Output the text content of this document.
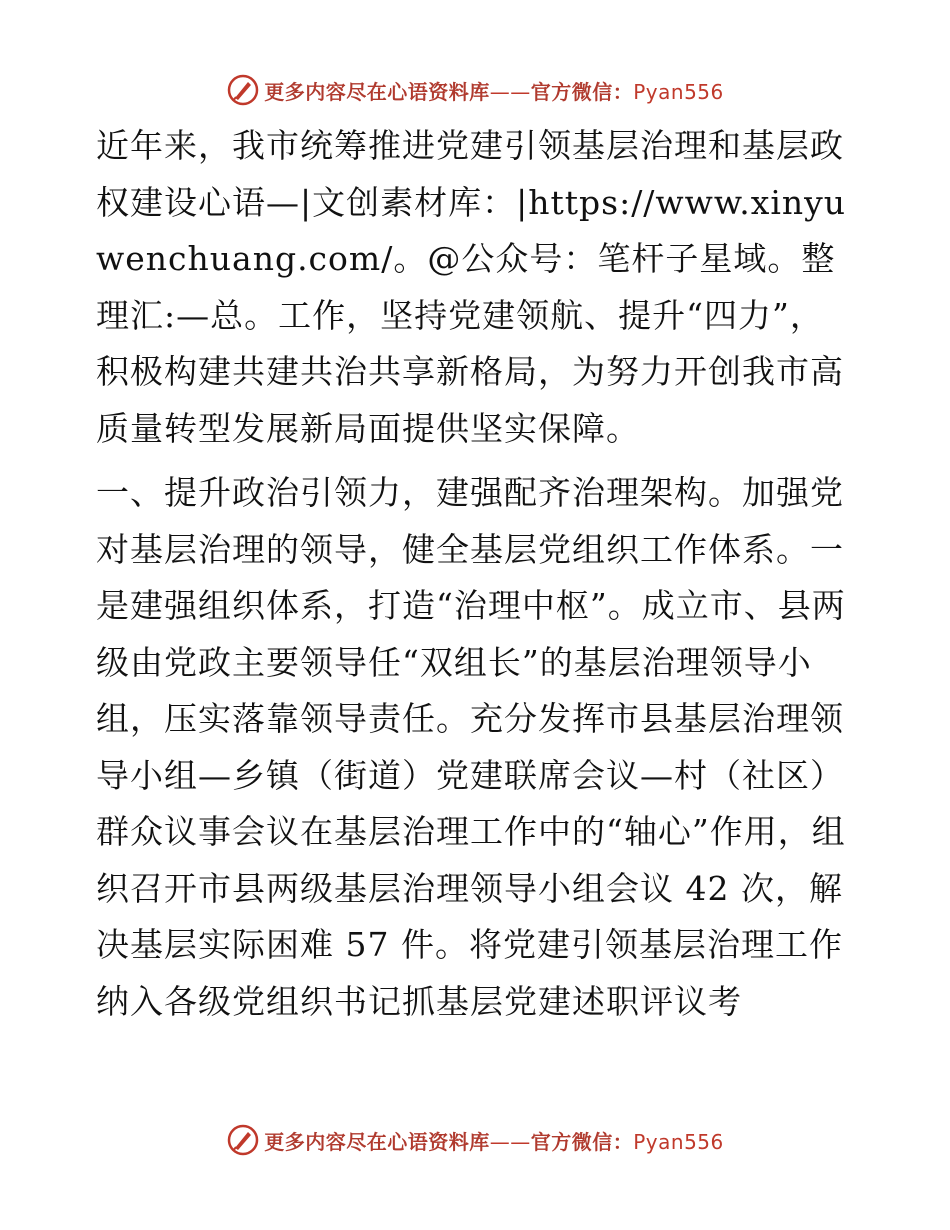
更多内容尽在心语资料库——官方微信：Pyan556

近年来，我市统筹推进党建引领基层治理和基层政权建设心语—|文创素材库：|https://www.xinyuwenchuang.com/。@公众号：笔杆子星域。整理汇:—总。工作，坚持党建领航、提升“四力”，积极构建共建共治共享新格局，为努力开创我市高质量转型发展新局面提供坚实保障。

一、提升政治引领力，建强配齐治理架构。加强党对基层治理的领导，健全基层党组织工作体系。一是建强组织体系，打造“治理中枢”。成立市、县两级由党政主要领导任“双组长”的基层治理领导小组，压实落靠领导责任。充分发挥市县基层治理领导小组—乡镇（街道）党建联席会议—村（社区）群众议事会议在基层治理工作中的“轴心”作用，组织召开市县两级基层治理领导小组会议 42 次，解决基层实际困难 57 件。将党建引领基层治理工作纳入各级党组织书记抓基层党建述职评议考

更多内容尽在心语资料库——官方微信：Pyan556
